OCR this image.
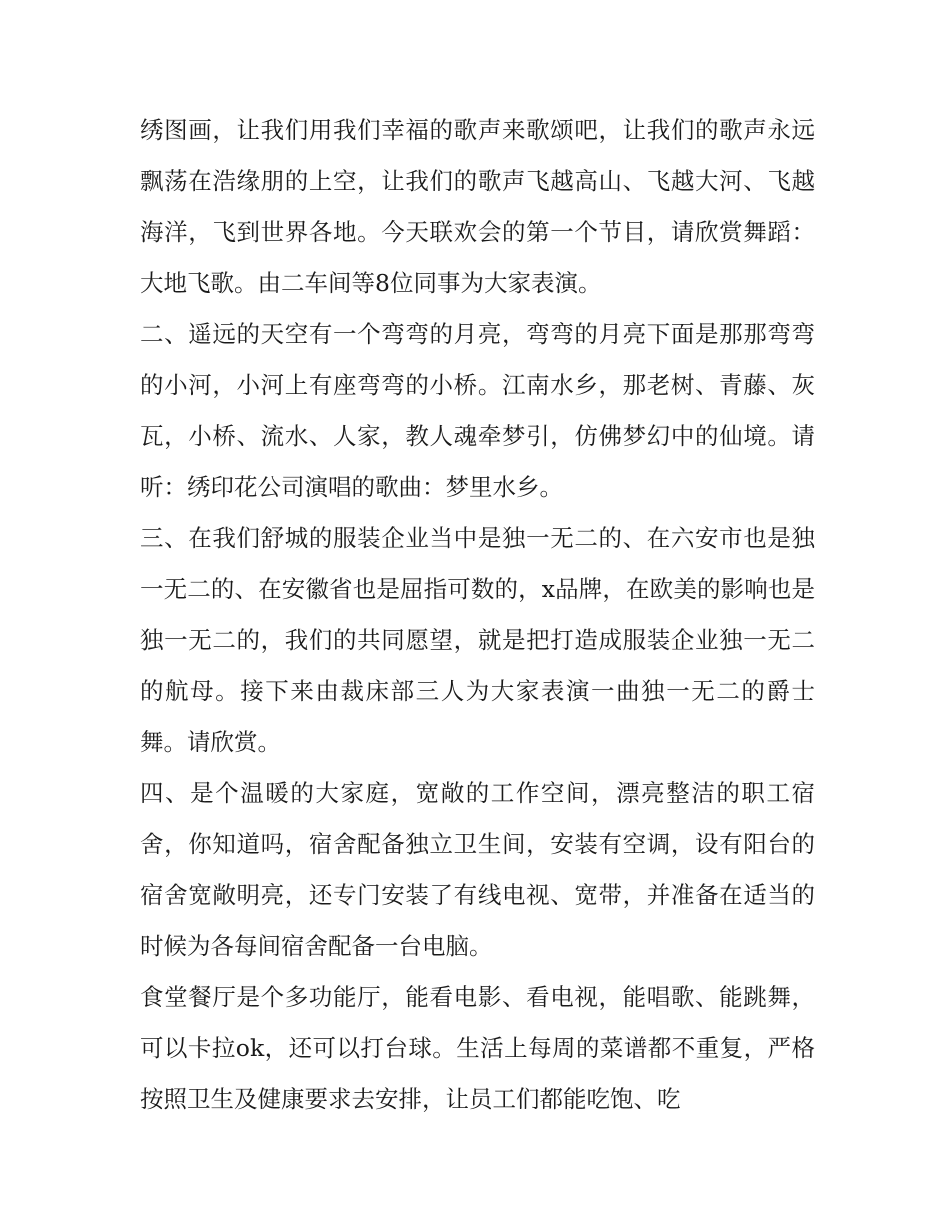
绣图画，让我们用我们幸福的歌声来歌颂吧，让我们的歌声永远飘荡在浩缘朋的上空，让我们的歌声飞越高山、飞越大河、飞越海洋，飞到世界各地。今天联欢会的第一个节目，请欣赏舞蹈：大地飞歌。由二车间等8位同事为大家表演。

二、遥远的天空有一个弯弯的月亮，弯弯的月亮下面是那那弯弯的小河，小河上有座弯弯的小桥。江南水乡，那老树、青藤、灰瓦，小桥、流水、人家，教人魂牵梦引，仿佛梦幻中的仙境。请听：绣印花公司演唱的歌曲：梦里水乡。

三、在我们舒城的服装企业当中是独一无二的、在六安市也是独一无二的、在安徽省也是屈指可数的，x品牌，在欧美的影响也是独一无二的，我们的共同愿望，就是把打造成服装企业独一无二的航母。接下来由裁床部三人为大家表演一曲独一无二的爵士舞。请欣赏。

四、是个温暖的大家庭，宽敞的工作空间，漂亮整洁的职工宿舍，你知道吗，宿舍配备独立卫生间，安装有空调，设有阳台的宿舍宽敞明亮，还专门安装了有线电视、宽带，并准备在适当的时候为各每间宿舍配备一台电脑。

食堂餐厅是个多功能厅，能看电影、看电视，能唱歌、能跳舞，可以卡拉ok，还可以打台球。生活上每周的菜谱都不重复，严格按照卫生及健康要求去安排，让员工们都能吃饱、吃
